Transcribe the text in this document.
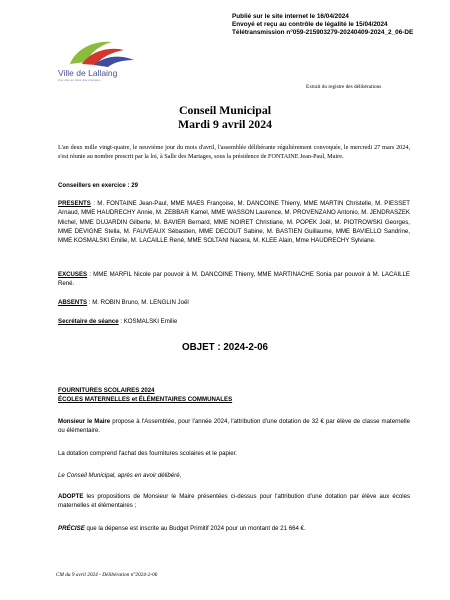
Publié sur le site internet le 16/04/2024
Envoyé et reçu au contrôle de légalité le 15/04/2024
Télétransmission n°059-215903279-20240409-2024_2_06-DE
Ville de Lallaing
Une ville au cœur des énergies...
Extrait du registre des délibérations
Conseil Municipal
Mardi 9 avril 2024
L'an deux mille vingt-quatre, le neuvième jour du mois d'avril, l'assemblée délibérante régulièrement convoquée, le mercredi 27 mars 2024, s'est réunie au nombre prescrit par la loi, à Salle des Mariages, sous la présidence de FONTAINE Jean-Paul, Maire.
Conseillers en exercice : 29
PRESENTS : M. FONTAINE Jean-Paul, MME MAES Françoise, M. DANCOINE Thierry, MME MARTIN Christelle, M. PIESSET Arnaud, MME HAUDRECHY Annie, M. ZEBBAR Kamel, MME WASSON Laurence, M. PROVENZANO Antonio, M. JENDRASZEK Michel, MME DUJARDIN Gilberte, M. BAVIER Bernard, MME NOIRET Christiane, M. POPEK Joël, M. PIOTROWSKI Georges, MME DEVIGNE Stella, M. FAUVEAUX Sébastien, MME DECOUT Sabine, M. BASTIEN Guillaume, MME BAVIELLO Sandrine, MME KOSMALSKI Emilie, M. LACAILLE René, MME SOLTANI Nacera, M. KLEE Alain, Mme HAUDRECHY Sylviane.
EXCUSES : MME MARFIL Nicole par pouvoir à M. DANCOINE Thierry, MME MARTINACHE Sonia par pouvoir à M. LACAILLE René.
ABSENTS : M. ROBIN Bruno, M. LENGLIN Joël
Secrétaire de séance : KOSMALSKI Emilie
OBJET : 2024-2-06
FOURNITURES SCOLAIRES 2024
ÉCOLES MATERNELLES et ÉLÉMENTAIRES COMMUNALES
Monsieur le Maire propose à l'Assemblée, pour l'année 2024, l'attribution d'une dotation de 32 € par élève de classe maternelle ou élémentaire.
La dotation comprend l'achat des fournitures scolaires et le papier.
Le Conseil Municipal, après en avoir délibéré,
ADOPTE les propositions de Monsieur le Maire présentées ci-dessus pour l'attribution d'une dotation par élève aux écoles maternelles et élémentaires ;
PRÉCISE que la dépense est inscrite au Budget Primitif 2024 pour un montant de 21 664 €.
CM du 9 avril 2024 - Délibération n°2024-2-06
